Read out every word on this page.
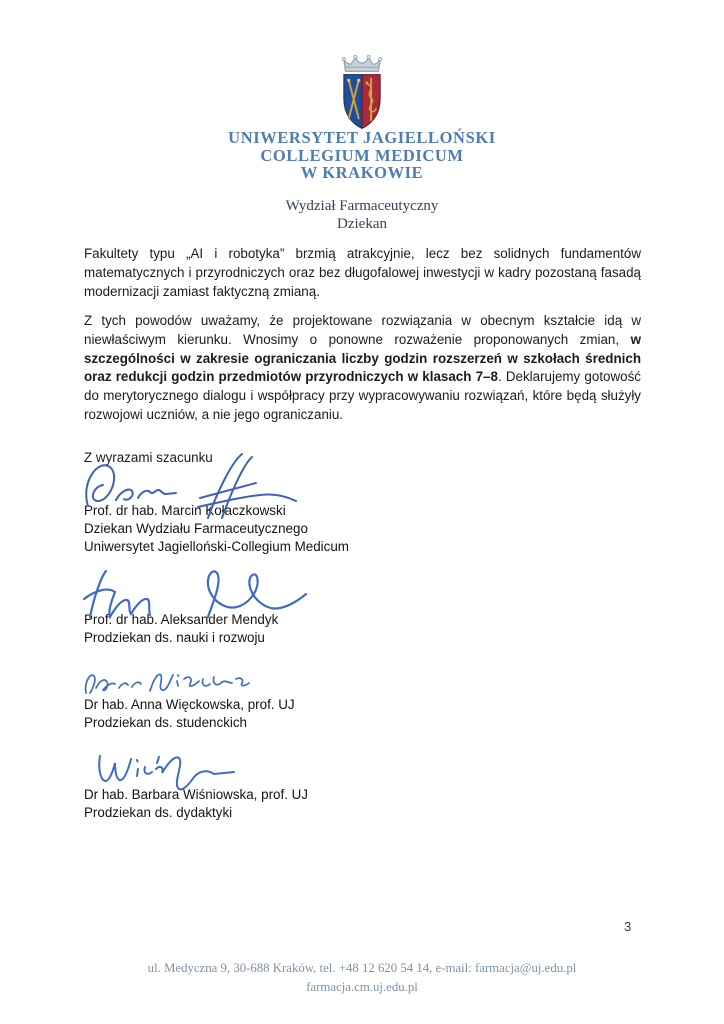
UNIWERSYTET JAGIELLOŃSKI
COLLEGIUM MEDICUM
W KRAKOWIE
Wydział Farmaceutyczny
Dziekan

Fakultety typu „AI i robotyka” brzmią atrakcyjnie, lecz bez solidnych fundamentów matematycznych i przyrodniczych oraz bez długofalowej inwestycji w kadry pozostaną fasadą modernizacji zamiast faktyczną zmianą.

Z tych powodów uważamy, że projektowane rozwiązania w obecnym kształcie idą w niewłaściwym kierunku. Wnosimy o ponowne rozważenie proponowanych zmian, w szczególności w zakresie ograniczania liczby godzin rozszerzeń w szkołach średnich oraz redukcji godzin przedmiotów przyrodniczych w klasach 7–8. Deklarujemy gotowość do merytorycznego dialogu i współpracy przy wypracowywaniu rozwiązań, które będą służyły rozwojowi uczniów, a nie jego ograniczaniu.

Z wyrazami szacunku
Prof. dr hab. Marcin Kołaczkowski
Dziekan Wydziału Farmaceutycznego
Uniwersytet Jagielloński-Collegium Medicum
Prof. dr hab. Aleksander Mendyk
Prodziekan ds. nauki i rozwoju
Dr hab. Anna Więckowska, prof. UJ
Prodziekan ds. studenckich
Dr hab. Barbara Wiśniowska, prof. UJ
Prodziekan ds. dydaktyki
3
ul. Medyczna 9, 30-688 Kraków, tel. +48 12 620 54 14, e-mail: farmacja@uj.edu.pl
farmacja.cm.uj.edu.pl
